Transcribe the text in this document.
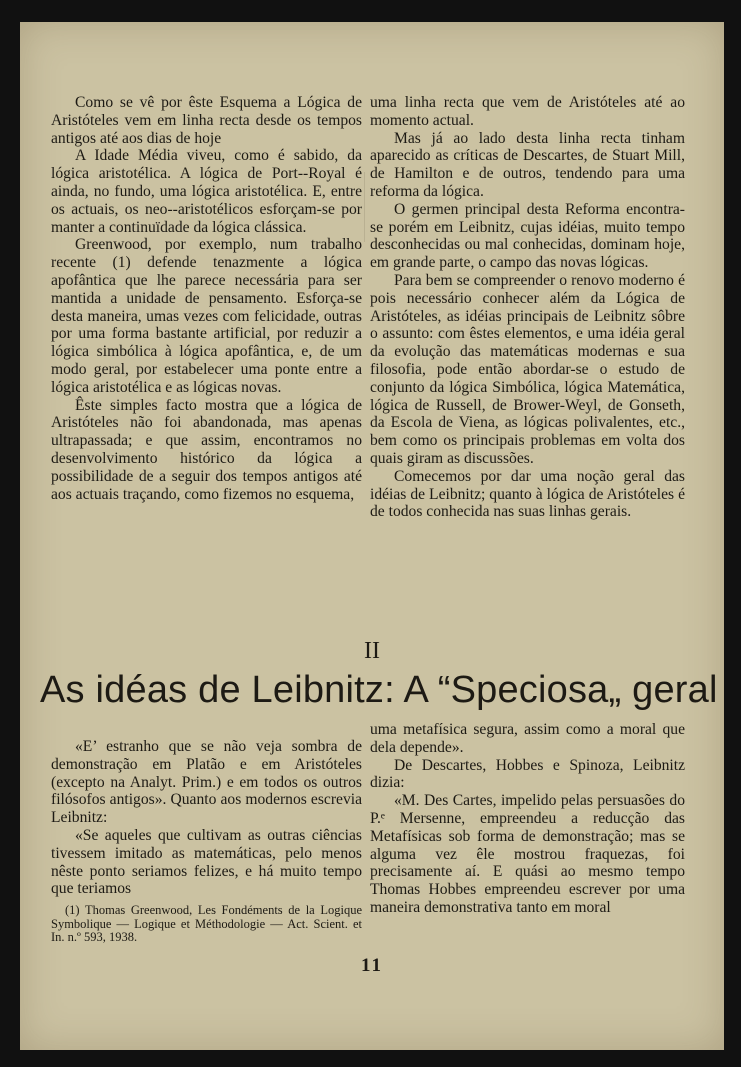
Como se vê por êste Esquema a Lógica de Aristóteles vem em linha recta desde os tempos antigos até aos dias de hoje

A Idade Média viveu, como é sabido, da lógica aristotélica. A lógica de Port--Royal é ainda, no fundo, uma lógica aristotélica. E, entre os actuais, os neo--aristotélicos esforçam-se por manter a continuïdade da lógica clássica.

Greenwood, por exemplo, num trabalho recente (1) defende tenazmente a lógica apofântica que lhe parece necessária para ser mantida a unidade de pensamento. Esforça-se desta maneira, umas vezes com felicidade, outras por uma forma bastante artificial, por reduzir a lógica simbólica à lógica apofântica, e, de um modo geral, por estabelecer uma ponte entre a lógica aristotélica e as lógicas novas.

Êste simples facto mostra que a lógica de Aristóteles não foi abandonada, mas apenas ultrapassada; e que assim, encontramos no desenvolvimento histórico da lógica a possibilidade de a seguir dos tempos antigos até aos actuais traçando, como fizemos no esquema,

uma linha recta que vem de Aristóteles até ao momento actual.

Mas já ao lado desta linha recta tinham aparecido as críticas de Descartes, de Stuart Mill, de Hamilton e de outros, tendendo para uma reforma da lógica.

O germen principal desta Reforma encontra-se porém em Leibnitz, cujas idéias, muito tempo desconhecidas ou mal conhecidas, dominam hoje, em grande parte, o campo das novas lógicas.

Para bem se compreender o renovo moderno é pois necessário conhecer além da Lógica de Aristóteles, as idéias principais de Leibnitz sôbre o assunto: com êstes elementos, e uma idéia geral da evolução das matemáticas modernas e sua filosofia, pode então abordar-se o estudo de conjunto da lógica Simbólica, lógica Matemática, lógica de Russell, de Brower-Weyl, de Gonseth, da Escola de Viena, as lógicas polivalentes, etc., bem como os principais problemas em volta dos quais giram as discussões.

Comecemos por dar uma noção geral das idéias de Leibnitz; quanto à lógica de Aristóteles é de todos conhecida nas suas linhas gerais.

II
As idéas de Leibnitz: A “Speciosa„ geral

«E’ estranho que se não veja sombra de demonstração em Platão e em Aristóteles (excepto na Analyt. Prim.) e em todos os outros filósofos antigos». Quanto aos modernos escrevia Leibnitz:

«Se aqueles que cultivam as outras ciências tivessem imitado as matemáticas, pelo menos nêste ponto seriamos felizes, e há muito tempo que teriamos

uma metafísica segura, assim como a moral que dela depende».

De Descartes, Hobbes e Spinoza, Leibnitz dizia:

«M. Des Cartes, impelido pelas persuasões do P.ᵉ Mersenne, empreendeu a reducção das Metafísicas sob forma de demonstração; mas se alguma vez êle mostrou fraquezas, foi precisamente aí. E quási ao mesmo tempo Thomas Hobbes empreendeu escrever por uma maneira demonstrativa tanto em moral

(1) Thomas Greenwood, Les Fondéments de la Logique Symbolique — Logique et Méthodologie — Act. Scient. et In. n.º 593, 1938.
11
